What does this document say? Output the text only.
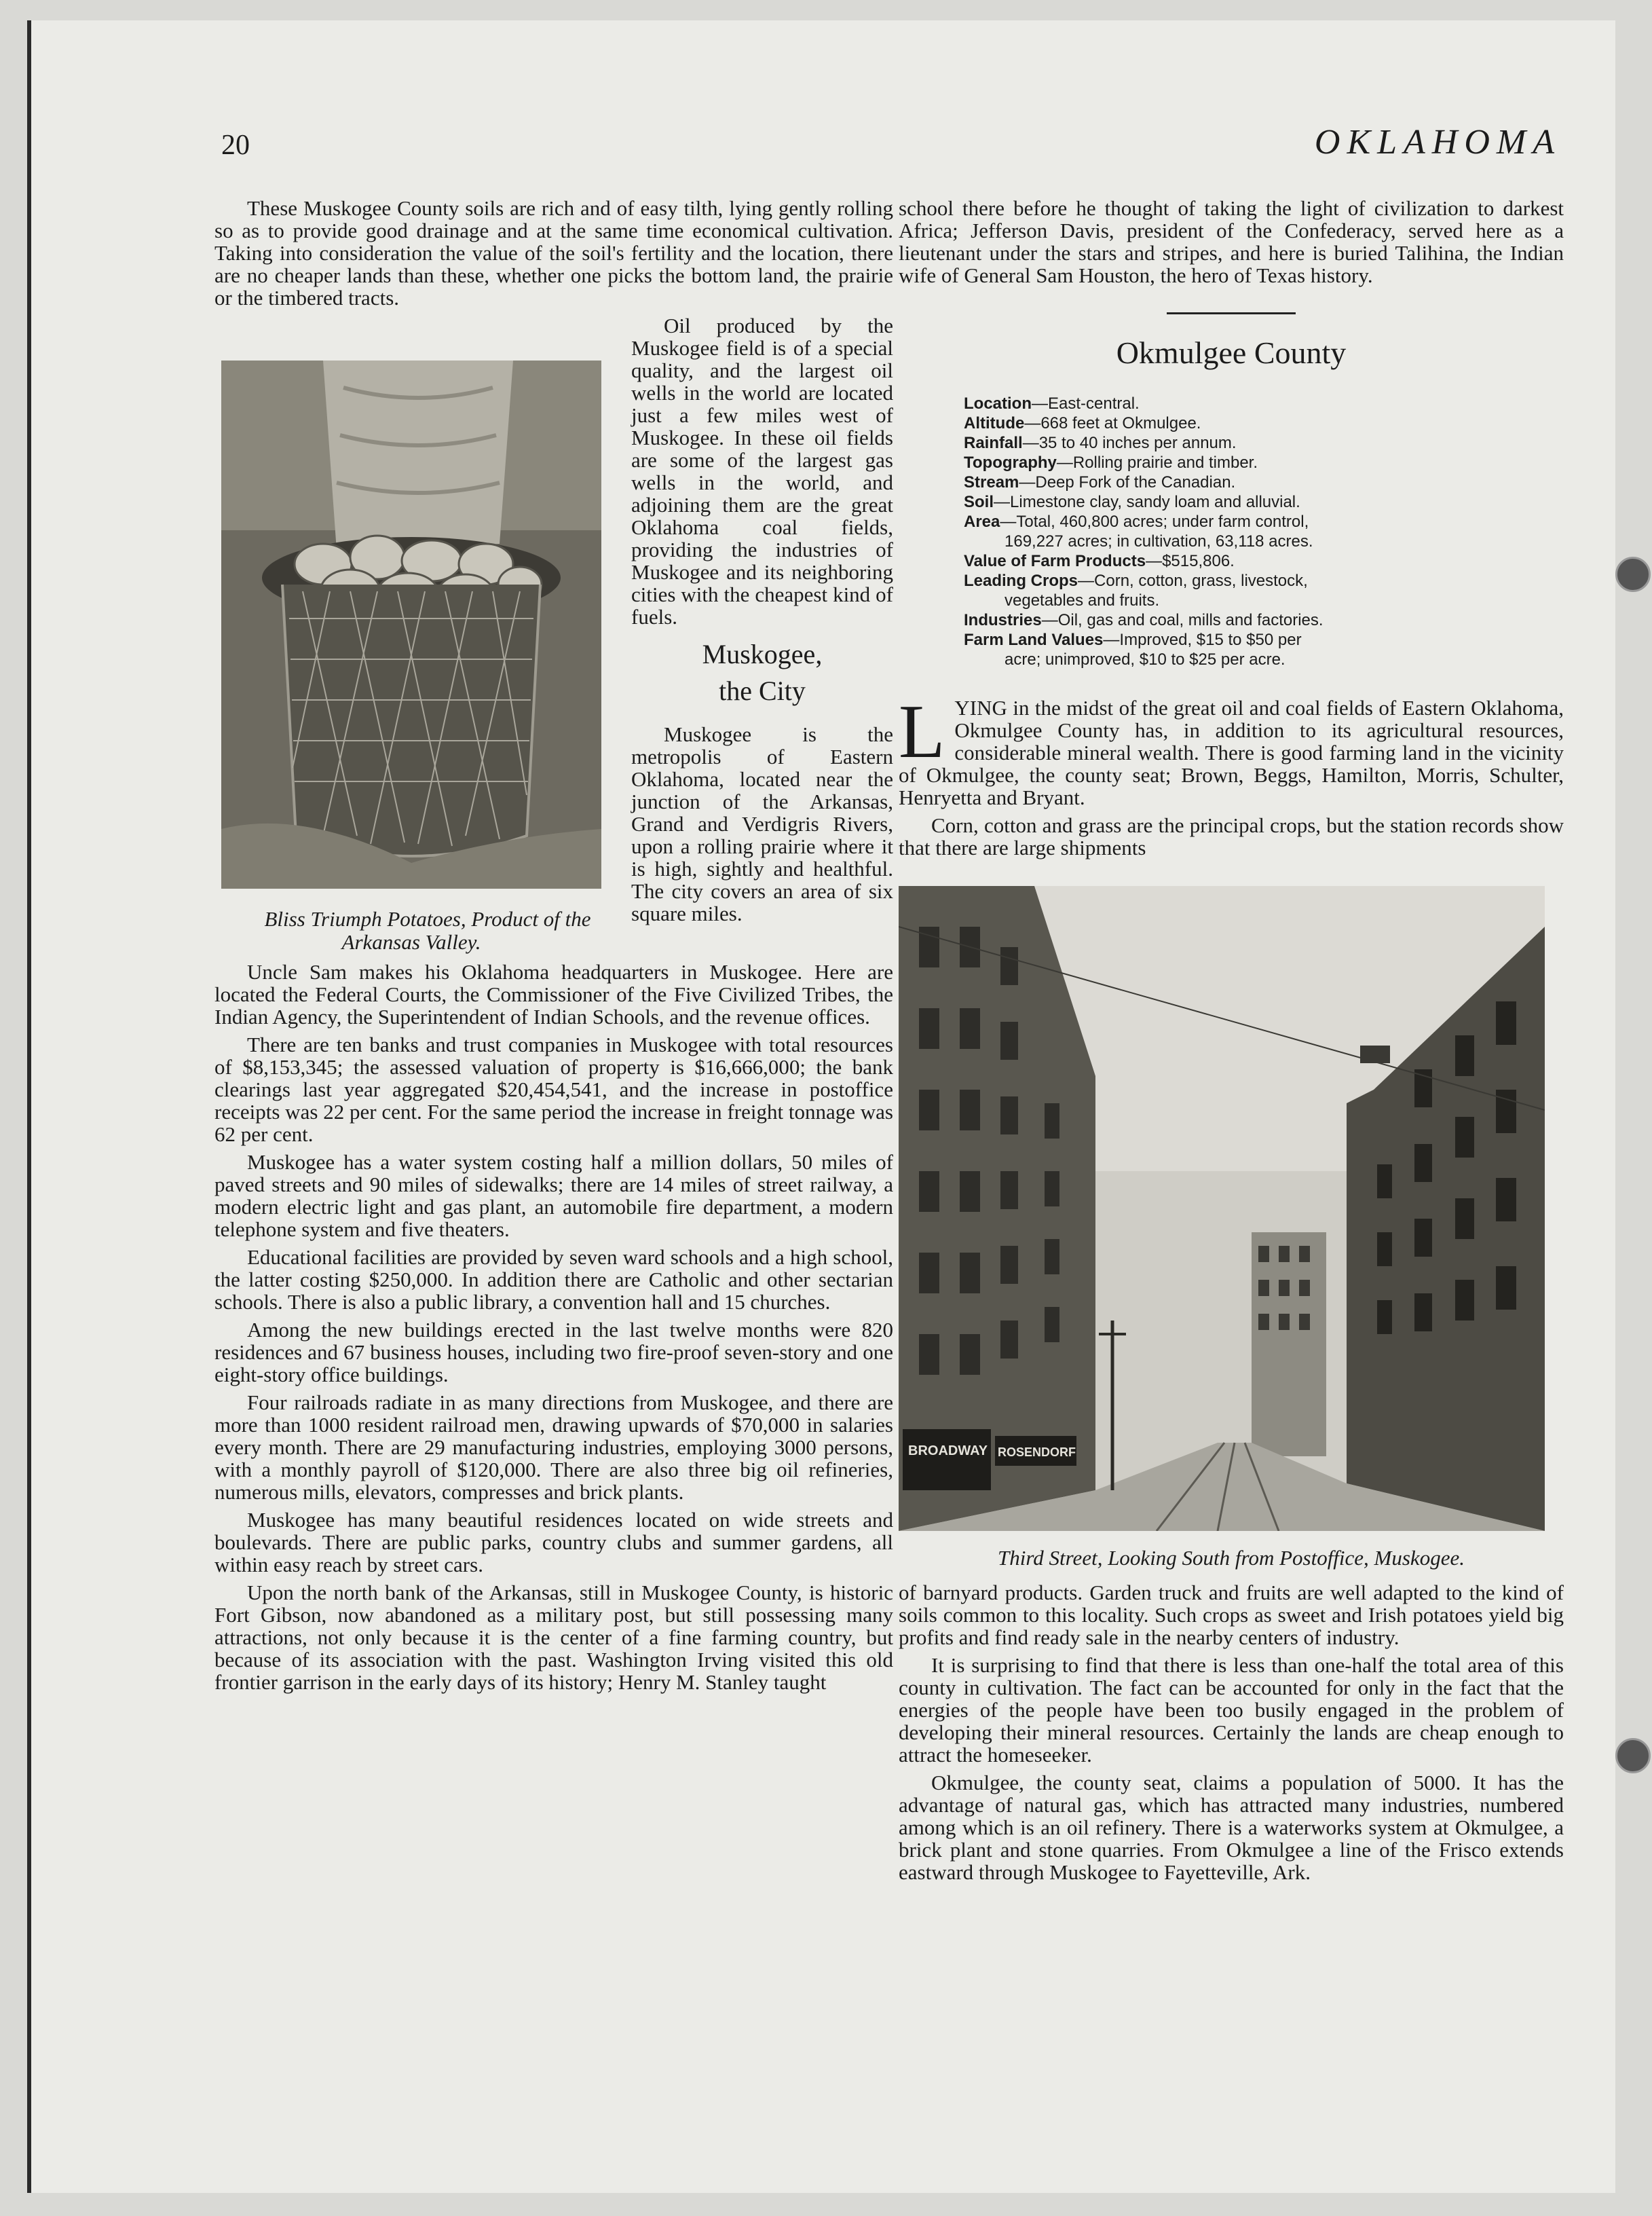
20	OKLAHOMA

These Muskogee County soils are rich and of easy tilth, lying gently rolling so as to provide good drainage and at the same time economical cultivation. Taking into consideration the value of the soil's fertility and the location, there are no cheaper lands than these, whether one picks the bottom land, the prairie or the timbered tracts.

Bliss Triumph Potatoes, Product of the Arkansas Valley.
Oil produced by the Muskogee field is of a special quality, and the largest oil wells in the world are located just a few miles west of Muskogee. In these oil fields are some of the largest gas wells in the world, and adjoining them are the great Oklahoma coal fields, providing the industries of Muskogee and its neighboring cities with the cheapest kind of fuels.

Muskogee,
the City

Muskogee is the metropolis of Eastern Oklahoma, located near the junction of the Arkansas, Grand and Verdigris Rivers, upon a rolling prairie where it is high, sightly and healthful. The city covers an area of six square miles.

Uncle Sam makes his Oklahoma headquarters in Muskogee. Here are located the Federal Courts, the Commissioner of the Five Civilized Tribes, the Indian Agency, the Superintendent of Indian Schools, and the revenue offices.

There are ten banks and trust companies in Muskogee with total resources of $8,153,345; the assessed valuation of property is $16,666,000; the bank clearings last year aggregated $20,454,541, and the increase in postoffice receipts was 22 per cent. For the same period the increase in freight tonnage was 62 per cent.

Muskogee has a water system costing half a million dollars, 50 miles of paved streets and 90 miles of sidewalks; there are 14 miles of street railway, a modern electric light and gas plant, an automobile fire department, a modern telephone system and five theaters.

Educational facilities are provided by seven ward schools and a high school, the latter costing $250,000. In addition there are Catholic and other sectarian schools. There is also a public library, a convention hall and 15 churches.

Among the new buildings erected in the last twelve months were 820 residences and 67 business houses, including two fire-proof seven-story and one eight-story office buildings.

Four railroads radiate in as many directions from Muskogee, and there are more than 1000 resident railroad men, drawing upwards of $70,000 in salaries every month. There are 29 manufacturing industries, employing 3000 persons, with a monthly payroll of $120,000. There are also three big oil refineries, numerous mills, elevators, compresses and brick plants.

Muskogee has many beautiful residences located on wide streets and boulevards. There are public parks, country clubs and summer gardens, all within easy reach by street cars.

Upon the north bank of the Arkansas, still in Muskogee County, is historic Fort Gibson, now abandoned as a military post, but still possessing many attractions, not only because it is the center of a fine farming country, but because of its association with the past. Washington Irving visited this old frontier garrison in the early days of its history; Henry M. Stanley taught

school there before he thought of taking the light of civilization to darkest Africa; Jefferson Davis, president of the Confederacy, served here as a lieutenant under the stars and stripes, and here is buried Talihina, the Indian wife of General Sam Houston, the hero of Texas history.

Okmulgee County
Location—East-central.
Altitude—668 feet at Okmulgee.
Rainfall—35 to 40 inches per annum.
Topography—Rolling prairie and timber.
Stream—Deep Fork of the Canadian.
Soil—Limestone clay, sandy loam and alluvial.
Area—Total, 460,800 acres; under farm control,
169,227 acres; in cultivation, 63,118 acres.
Value of Farm Products—$515,806.
Leading Crops—Corn, cotton, grass, livestock,
vegetables and fruits.
Industries—Oil, gas and coal, mills and factories.
Farm Land Values—Improved, $15 to $50 per
acre; unimproved, $10 to $25 per acre.

LYING in the midst of the great oil and coal fields of Eastern Oklahoma, Okmulgee County has, in addition to its agricultural resources, considerable mineral wealth. There is good farming land in the vicinity of Okmulgee, the county seat; Brown, Beggs, Hamilton, Morris, Schulter, Henryetta and Bryant.

Corn, cotton and grass are the principal crops, but the station records show that there are large shipments

BROADWAY ROSENDORF
Third Street, Looking South from Postoffice, Muskogee.

of barnyard products. Garden truck and fruits are well adapted to the kind of soils common to this locality. Such crops as sweet and Irish potatoes yield big profits and find ready sale in the nearby centers of industry.

It is surprising to find that there is less than one-half the total area of this county in cultivation. The fact can be accounted for only in the fact that the energies of the people have been too busily engaged in the problem of developing their mineral resources. Certainly the lands are cheap enough to attract the homeseeker.

Okmulgee, the county seat, claims a population of 5000. It has the advantage of natural gas, which has attracted many industries, numbered among which is an oil refinery. There is a waterworks system at Okmulgee, a brick plant and stone quarries. From Okmulgee a line of the Frisco extends eastward through Muskogee to Fayetteville, Ark.
